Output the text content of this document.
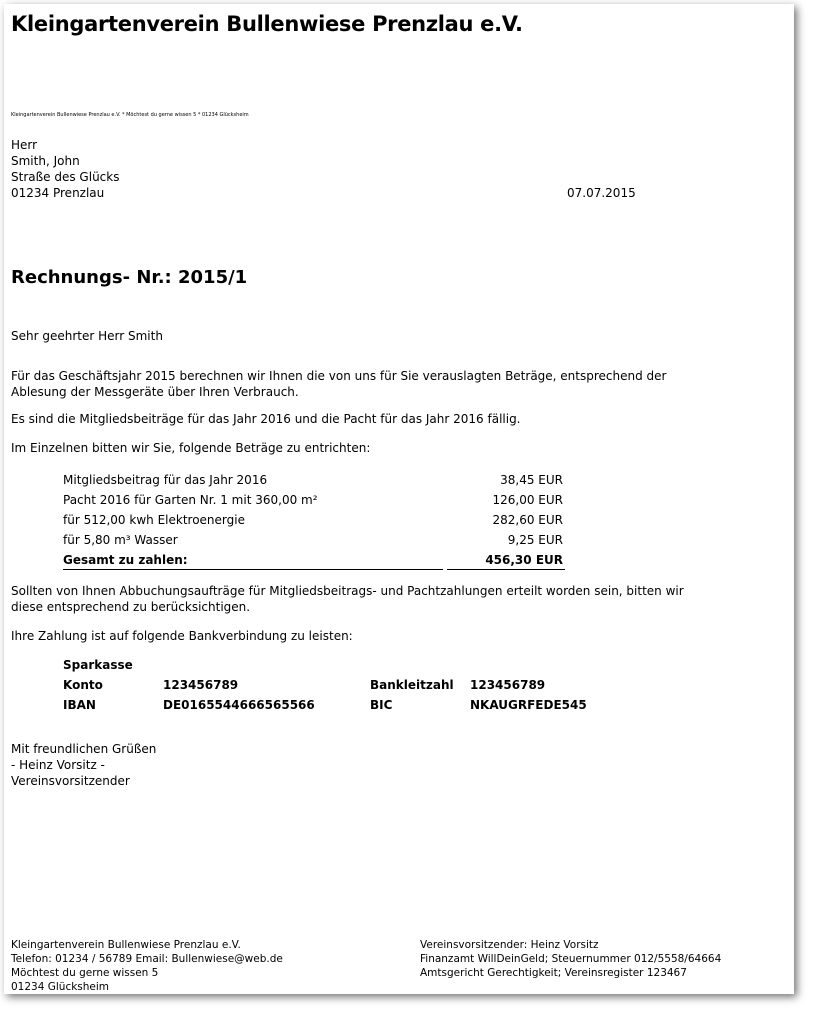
Kleingartenverein Bullenwiese Prenzlau e.V.
Kleingartenverein Bullenwiese Prenzlau e.V. * Möchtest du gerne wissen 5 * 01234 Glücksheim
Herr
Smith, John
Straße des Glücks
01234 Prenzlau	07.07.2015
Rechnungs- Nr.: 2015/1
Sehr geehrter Herr Smith
Für das Geschäftsjahr 2015 berechnen wir Ihnen die von uns für Sie verauslagten Beträge, entsprechend der Ablesung der Messgeräte über Ihren Verbrauch.
Es sind die Mitgliedsbeiträge für das Jahr 2016 und die Pacht für das Jahr 2016 fällig.
Im Einzelnen bitten wir Sie, folgende Beträge zu entrichten:
Mitgliedsbeitrag für das Jahr 2016	38,45 EUR
Pacht 2016 für Garten Nr. 1 mit 360,00 m²	126,00 EUR
für 512,00 kwh Elektroenergie	282,60 EUR
für 5,80 m³ Wasser	9,25 EUR
Gesamt zu zahlen:	456,30 EUR
Sollten von Ihnen Abbuchungsaufträge für Mitgliedsbeitrags- und Pachtzahlungen erteilt worden sein, bitten wir diese entsprechend zu berücksichtigen.
Ihre Zahlung ist auf folgende Bankverbindung zu leisten:
Sparkasse
Konto	123456789	Bankleitzahl 123456789
IBAN	DE0165544666565566	BIC	NKAUGRFEDE545
Mit freundlichen Grüßen
- Heinz Vorsitz -
Vereinsvorsitzender
Kleingartenverein Bullenwiese Prenzlau e.V.
Telefon: 01234 / 56789 Email: Bullenwiese@web.de
Möchtest du gerne wissen 5
01234 Glücksheim
Vereinsvorsitzender: Heinz Vorsitz
Finanzamt WillDeinGeld; Steuernummer 012/5558/64664
Amtsgericht Gerechtigkeit; Vereinsregister 123467
